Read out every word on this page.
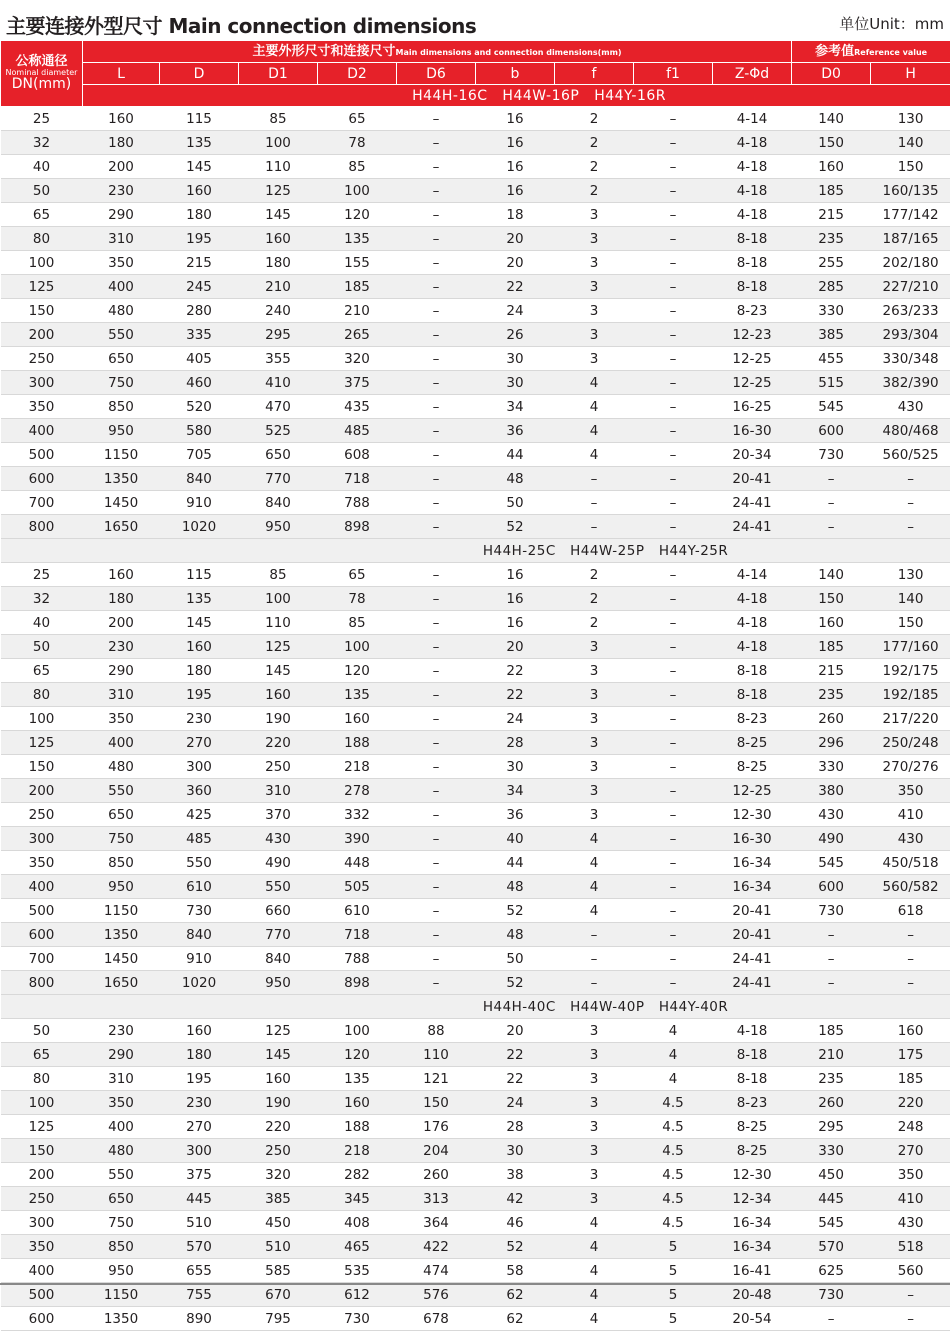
主要连接外型尺寸 Main connection dimensions	单位Unit：mm
公称通径
Nominal diameter
DN(mm)	主要外形尺寸和连接尺寸Main dimensions and connection dimensions(mm)									参考值Reference value	
	L	D	D1	D2	D6	b	f	f1	Z-Φd	D0	H
	H44H-16C   H44W-16P   H44Y-16R										
25	160	115	85	65	–	16	2	–	4-14	140	130
32	180	135	100	78	–	16	2	–	4-18	150	140
40	200	145	110	85	–	16	2	–	4-18	160	150
50	230	160	125	100	–	16	2	–	4-18	185	160/135
65	290	180	145	120	–	18	3	–	4-18	215	177/142
80	310	195	160	135	–	20	3	–	8-18	235	187/165
100	350	215	180	155	–	20	3	–	8-18	255	202/180
125	400	245	210	185	–	22	3	–	8-18	285	227/210
150	480	280	240	210	–	24	3	–	8-23	330	263/233
200	550	335	295	265	–	26	3	–	12-23	385	293/304
250	650	405	355	320	–	30	3	–	12-25	455	330/348
300	750	460	410	375	–	30	4	–	12-25	515	382/390
350	850	520	470	435	–	34	4	–	16-25	545	430
400	950	580	525	485	–	36	4	–	16-30	600	480/468
500	1150	705	650	608	–	44	4	–	20-34	730	560/525
600	1350	840	770	718	–	48	–	–	20-41	–	–
700	1450	910	840	788	–	50	–	–	24-41	–	–
800	1650	1020	950	898	–	52	–	–	24-41	–	–
H44H-25C   H44W-25P   H44Y-25R											
25	160	115	85	65	–	16	2	–	4-14	140	130
32	180	135	100	78	–	16	2	–	4-18	150	140
40	200	145	110	85	–	16	2	–	4-18	160	150
50	230	160	125	100	–	20	3	–	4-18	185	177/160
65	290	180	145	120	–	22	3	–	8-18	215	192/175
80	310	195	160	135	–	22	3	–	8-18	235	192/185
100	350	230	190	160	–	24	3	–	8-23	260	217/220
125	400	270	220	188	–	28	3	–	8-25	296	250/248
150	480	300	250	218	–	30	3	–	8-25	330	270/276
200	550	360	310	278	–	34	3	–	12-25	380	350
250	650	425	370	332	–	36	3	–	12-30	430	410
300	750	485	430	390	–	40	4	–	16-30	490	430
350	850	550	490	448	–	44	4	–	16-34	545	450/518
400	950	610	550	505	–	48	4	–	16-34	600	560/582
500	1150	730	660	610	–	52	4	–	20-41	730	618
600	1350	840	770	718	–	48	–	–	20-41	–	–
700	1450	910	840	788	–	50	–	–	24-41	–	–
800	1650	1020	950	898	–	52	–	–	24-41	–	–
H44H-40C   H44W-40P   H44Y-40R											
50	230	160	125	100	88	20	3	4	4-18	185	160
65	290	180	145	120	110	22	3	4	8-18	210	175
80	310	195	160	135	121	22	3	4	8-18	235	185
100	350	230	190	160	150	24	3	4.5	8-23	260	220
125	400	270	220	188	176	28	3	4.5	8-25	295	248
150	480	300	250	218	204	30	3	4.5	8-25	330	270
200	550	375	320	282	260	38	3	4.5	12-30	450	350
250	650	445	385	345	313	42	3	4.5	12-34	445	410
300	750	510	450	408	364	46	4	4.5	16-34	545	430
350	850	570	510	465	422	52	4	5	16-34	570	518
400	950	655	585	535	474	58	4	5	16-41	625	560
500	1150	755	670	612	576	62	4	5	20-48	730	–
600	1350	890	795	730	678	62	4	5	20-54	–	–
